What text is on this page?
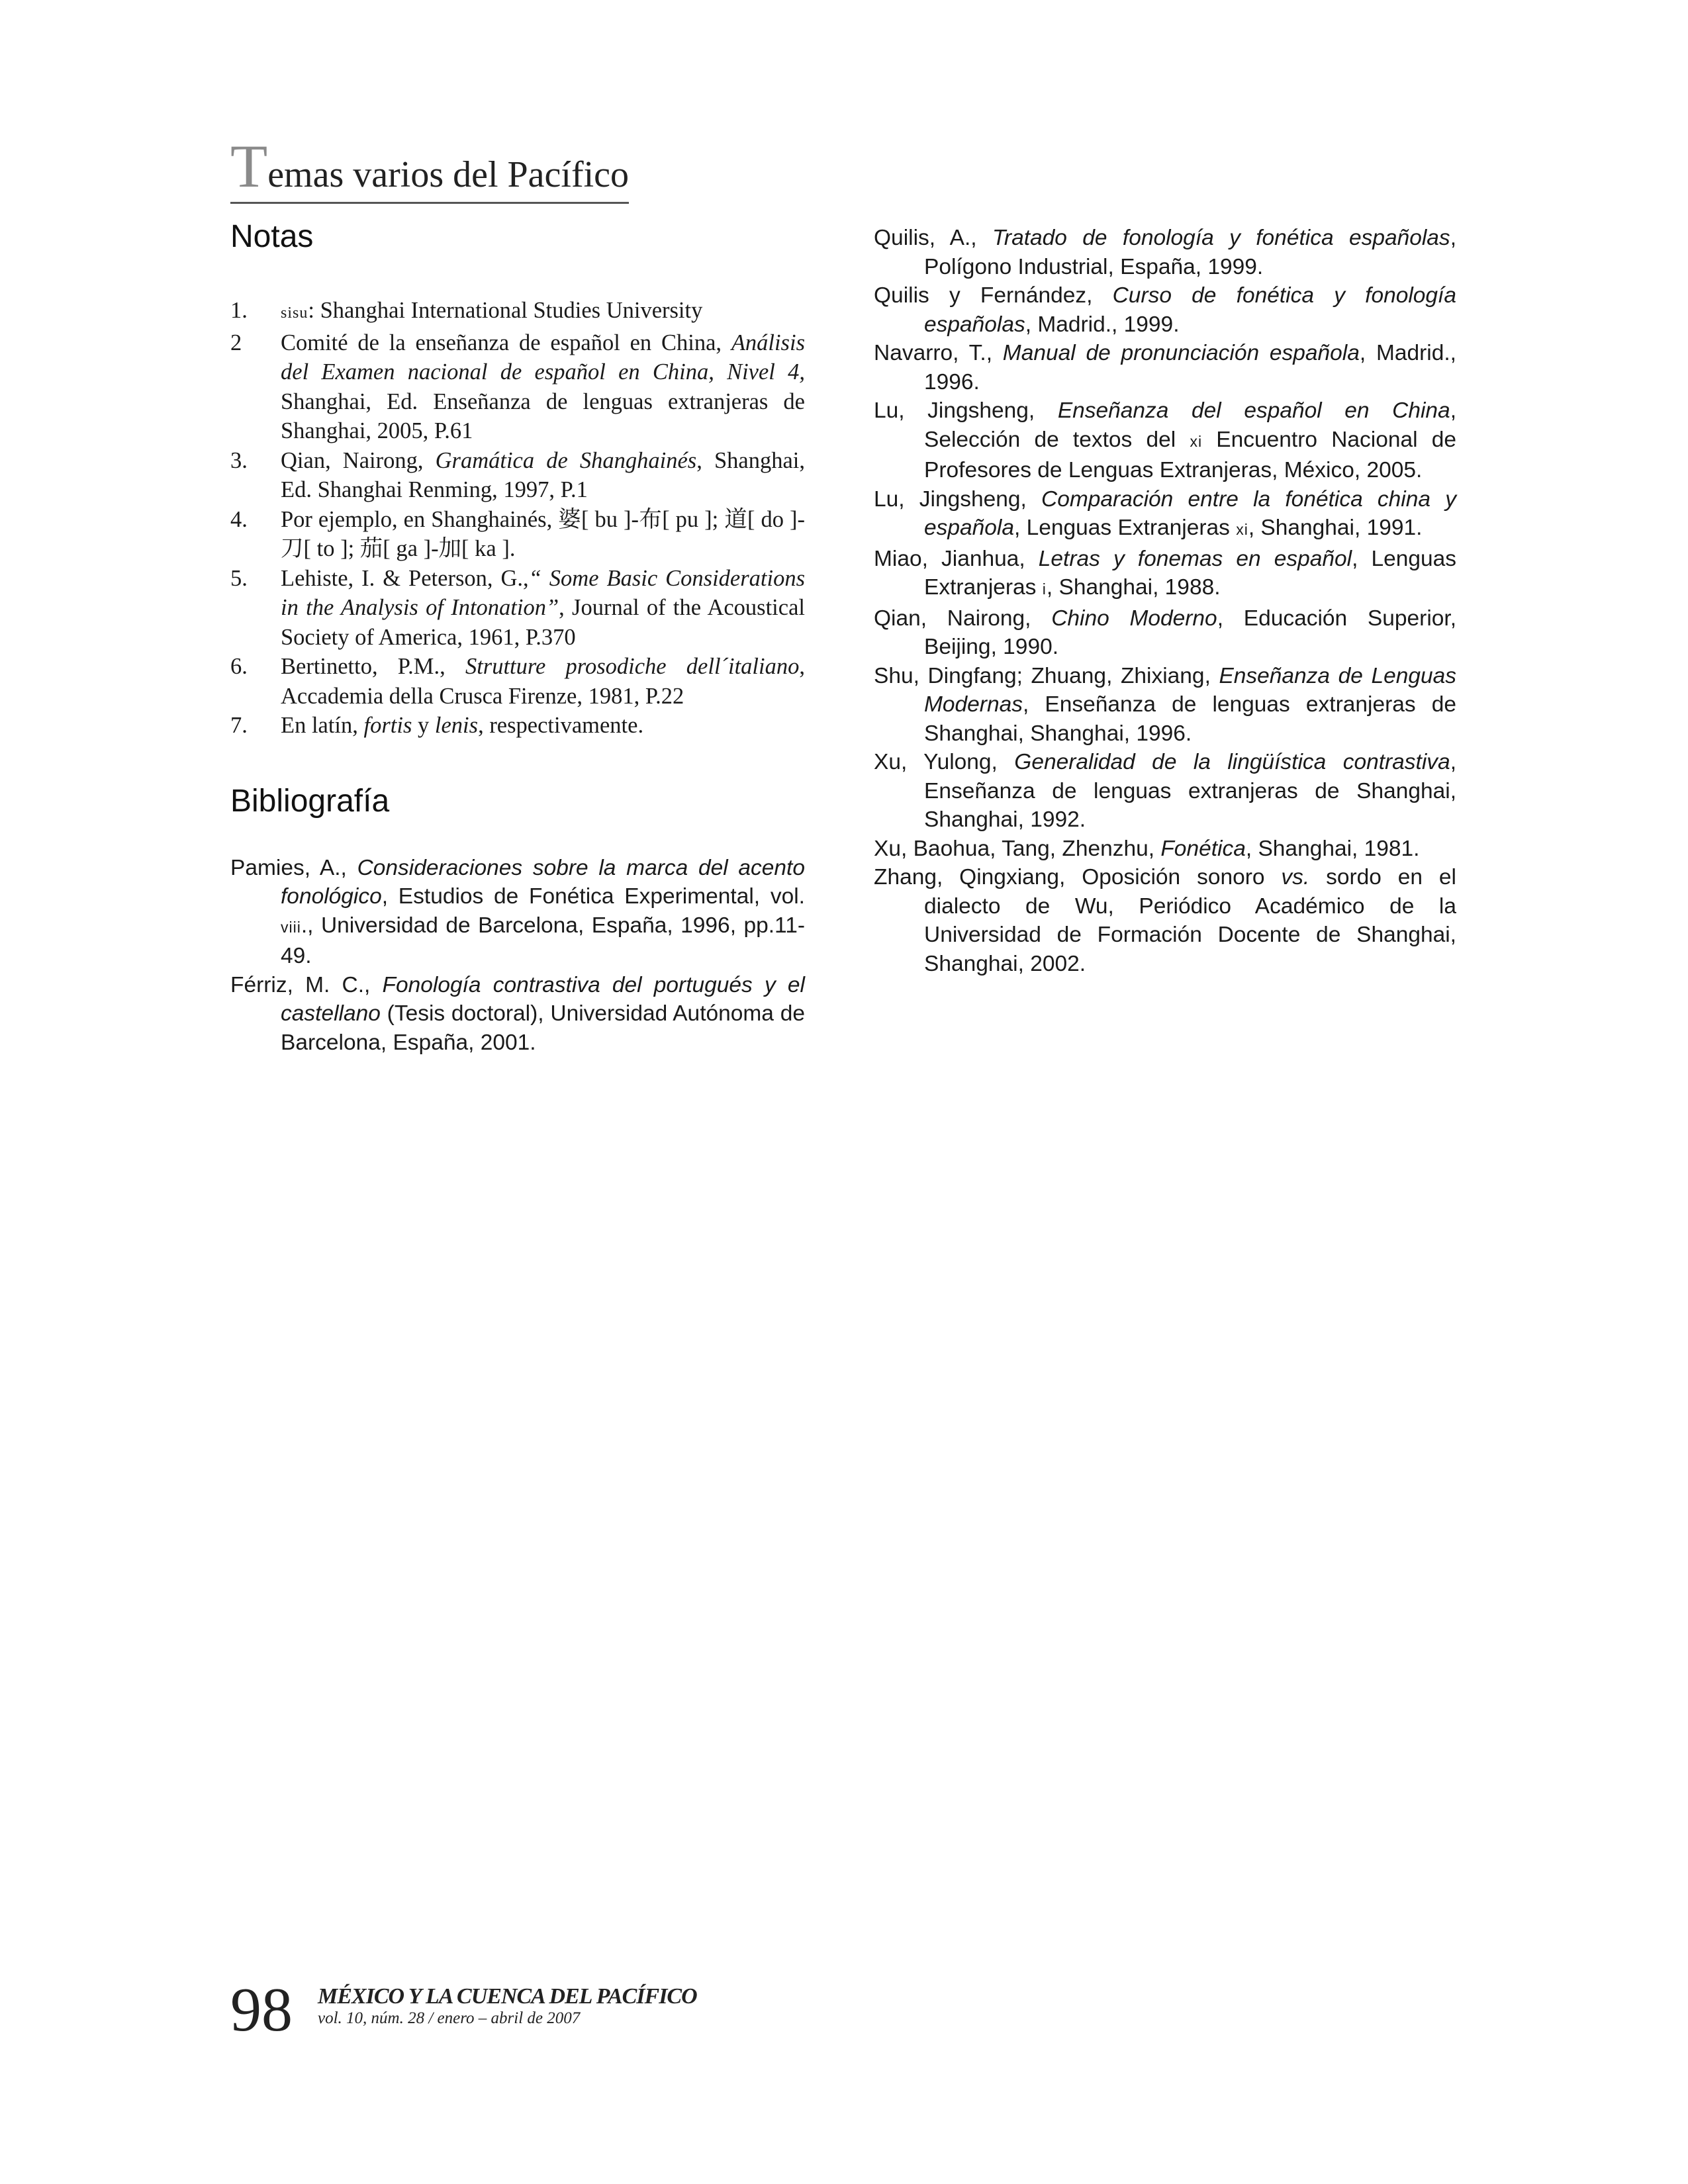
Temas varios del Pacífico
Notas
1.	sisu: Shanghai International Studies University
2	Comité de la enseñanza de español en China, Análisis del Examen nacional de español en China, Nivel 4, Shanghai, Ed. Enseñanza de lenguas extranjeras de Shanghai, 2005, P.61
3.	Qian, Nairong, Gramática de Shanghainés, Shanghai, Ed. Shanghai Renming, 1997, P.1
4.	Por ejemplo, en Shanghainés, 婆[ bu ]-布[ pu ]; 道[ do ]-刀[ to ]; 茄[ ga ]-加[ ka ].
5.	Lehiste, I. & Peterson, G.,“ Some Basic Considerations in the Analysis of Intonation”, Journal of the Acoustical Society of America, 1961, P.370
6.	Bertinetto, P.M., Strutture prosodiche dell´italiano, Accademia della Crusca Firenze, 1981, P.22
7.	En latín, fortis y lenis, respectivamente.
Bibliografía
Pamies, A., Consideraciones sobre la marca del acento fonológico, Estudios de Fonética Experimental, vol. viii., Universidad de Barcelona, España, 1996, pp.11-49.
Férriz, M. C., Fonología contrastiva del portugués y el castellano (Tesis doctoral), Universidad Autónoma de Barcelona, España, 2001.
Quilis, A., Tratado de fonología y fonética españolas, Polígono Industrial, España, 1999.
Quilis y Fernández, Curso de fonética y fonología españolas, Madrid., 1999.
Navarro, T., Manual de pronunciación española, Madrid., 1996.
Lu, Jingsheng, Enseñanza del español en China, Selección de textos del xi Encuentro Nacional de Profesores de Lenguas Extranjeras, México, 2005.
Lu, Jingsheng, Comparación entre la fonética china y española, Lenguas Extranjeras xi, Shanghai, 1991.
Miao, Jianhua, Letras y fonemas en español, Lenguas Extranjeras i, Shanghai, 1988.
Qian, Nairong, Chino Moderno, Educación Superior, Beijing, 1990.
Shu, Dingfang; Zhuang, Zhixiang, Enseñanza de Lenguas Modernas, Enseñanza de lenguas extranjeras de Shanghai, Shanghai, 1996.
Xu, Yulong, Generalidad de la lingüística contrastiva, Enseñanza de lenguas extranjeras de Shanghai, Shanghai, 1992.
Xu, Baohua, Tang, Zhenzhu, Fonética, Shanghai, 1981.
Zhang, Qingxiang, Oposición sonoro vs. sordo en el dialecto de Wu, Periódico Académico de la Universidad de Formación Docente de Shanghai, Shanghai, 2002.
98 MÉXICO Y LA CUENCA DEL PACÍFICO
vol. 10, núm. 28 / enero – abril de 2007
